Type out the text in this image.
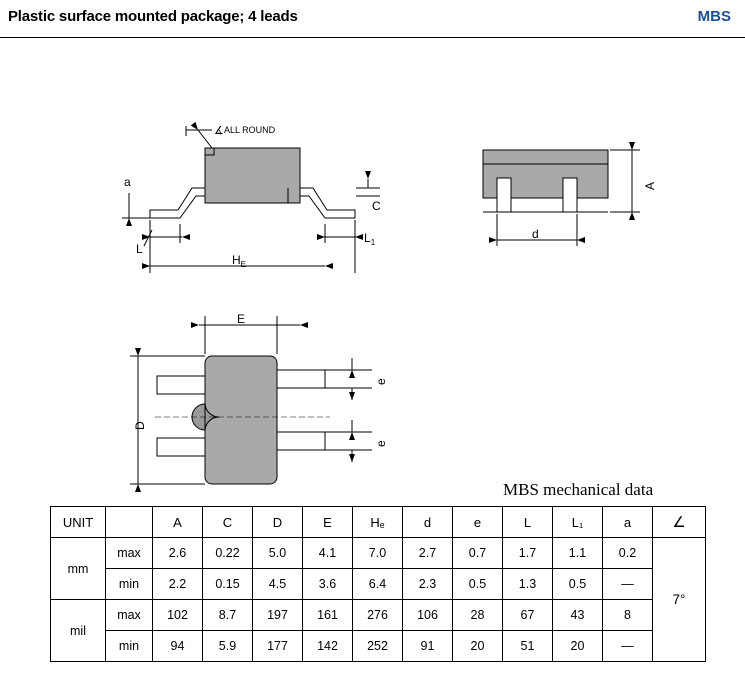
Plastic surface mounted package; 4 leads	MBS
ALL ROUND
∡
a
C
L
$L_1$
$H_E$
A
d
E
D
e
e
MBS mechanical data
UNIT		A	C	D	E	Hₑ	d	e	L	L₁	a	∠
mm	max	2.6	0.22	5.0	4.1	7.0	2.7	0.7	1.7	1.1	0.2	7°
	min	2.2	0.15	4.5	3.6	6.4	2.3	0.5	1.3	0.5	—	
mil	max	102	8.7	197	161	276	106	28	67	43	8	
	min	94	5.9	177	142	252	91	20	51	20	—	
